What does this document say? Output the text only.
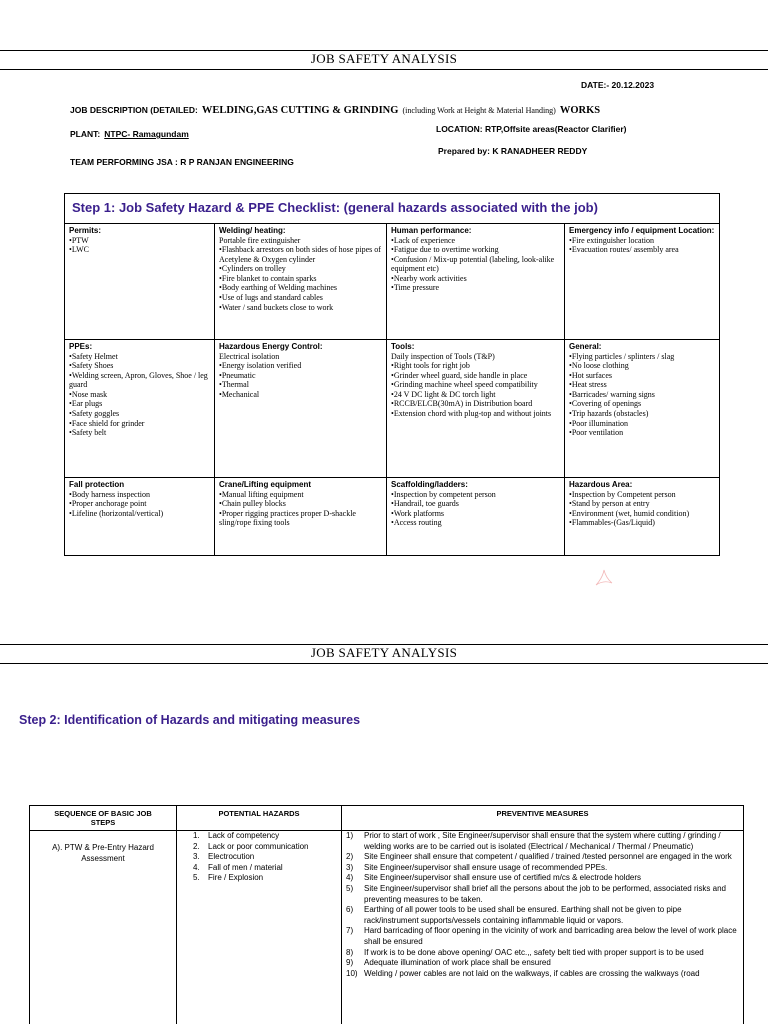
JOB SAFETY ANALYSIS
DATE:- 20.12.2023
JOB DESCRIPTION (DETAILED: WELDING,GAS CUTTING & GRINDING (including Work at Height & Material Handing) WORKS
PLANT: NTPC- Ramagundam	LOCATION: RTP,Offsite areas(Reactor Clarifier)
Prepared by: K RANADHEER REDDY
TEAM PERFORMING JSA : R P RANJAN ENGINEERING
Step 1: Job Safety Hazard & PPE Checklist: (general hazards associated with the job)
Permits:
• PTW
• LWC
Welding/ heating:
Portable fire extinguisher
• Flashback arrestors on both sides of hose pipes of Acetylene & Oxygen cylinder
• Cylinders on trolley
• Fire blanket to contain sparks
• Body earthing of Welding machines
• Use of lugs and standard cables
• Water / sand buckets close to work
Human performance:
• Lack of experience
• Fatigue due to overtime working
• Confusion / Mix-up potential (labeling, look-alike equipment etc)
• Nearby work activities
• Time pressure
Emergency info / equipment Location:
• Fire extinguisher location
• Evacuation routes/ assembly area
PPEs:
• Safety Helmet
• Safety Shoes
• Welding screen, Apron, Gloves, Shoe / leg guard
• Nose mask
• Ear plugs
• Safety goggles
• Face shield for grinder
• Safety belt
Hazardous Energy Control:
Electrical isolation
• Energy isolation verified
• Pneumatic
• Thermal
• Mechanical
Tools:
Daily inspection of Tools (T&P)
• Right tools for right job
• Grinder wheel guard, side handle in place
• Grinding machine wheel speed compatibility
• 24 V DC light & DC torch light
• RCCB/ELCB(30mA) in Distribution board
• Extension chord with plug-top and without joints
General:
• Flying particles / splinters / slag
• No loose clothing
• Hot surfaces
• Heat stress
• Barricades/ warning signs
• Covering of openings
• Trip hazards (obstacles)
• Poor illumination
• Poor ventilation
Fall protection
• Body harness inspection
• Proper anchorage point
• Lifeline (horizontal/vertical)
Crane/Lifting equipment
• Manual lifting equipment
• Chain pulley blocks
• Proper rigging practices proper D-shackle sling/rope fixing tools
Scaffolding/ladders:
• Inspection by competent person
• Handrail, toe guards
• Work platforms
• Access routing
Hazardous Area:
• Inspection by Competent person
• Stand by person at entry
• Environment (wet, humid condition)
• Flammables-(Gas/Liquid)
JOB SAFETY ANALYSIS
Step 2: Identification of Hazards and mitigating measures
SEQUENCE OF BASIC JOB STEPS
POTENTIAL HAZARDS	PREVENTIVE MEASURES
A). PTW & Pre-Entry Hazard Assessment
1. Lack of competency
2. Lack or poor communication
3. Electrocution
4. Fall of men / material
5. Fire / Explosion
1) Prior to start of work , Site Engineer/supervisor shall ensure that the system where cutting / grinding / welding works are to be carried out is isolated (Electrical / Mechanical / Thermal / Pneumatic)
2) Site Engineer shall ensure that competent / qualified / trained /tested personnel are engaged in the work
3) Site Engineer/supervisor shall ensure usage of recommended PPEs.
4) Site Engineer/supervisor shall ensure use of certified m/cs & electrode holders
5) Site Engineer/supervisor shall brief all the persons about the job to be performed, associated risks and preventing measures to be taken.
6) Earthing of all power tools to be used shall be ensured. Earthing shall not be given to pipe rack/instrument supports/vessels containing inflammable liquid or vapors.
7) Hard barricading of floor opening in the vicinity of work and barricading area below the level of work place shall be ensured
8) If work is to be done above opening/ OAC etc.,, safety belt tied with proper support is to be used
9) Adequate illumination of work place shall be ensured
10) Welding / power cables are not laid on the walkways, if cables are crossing the walkways (road
